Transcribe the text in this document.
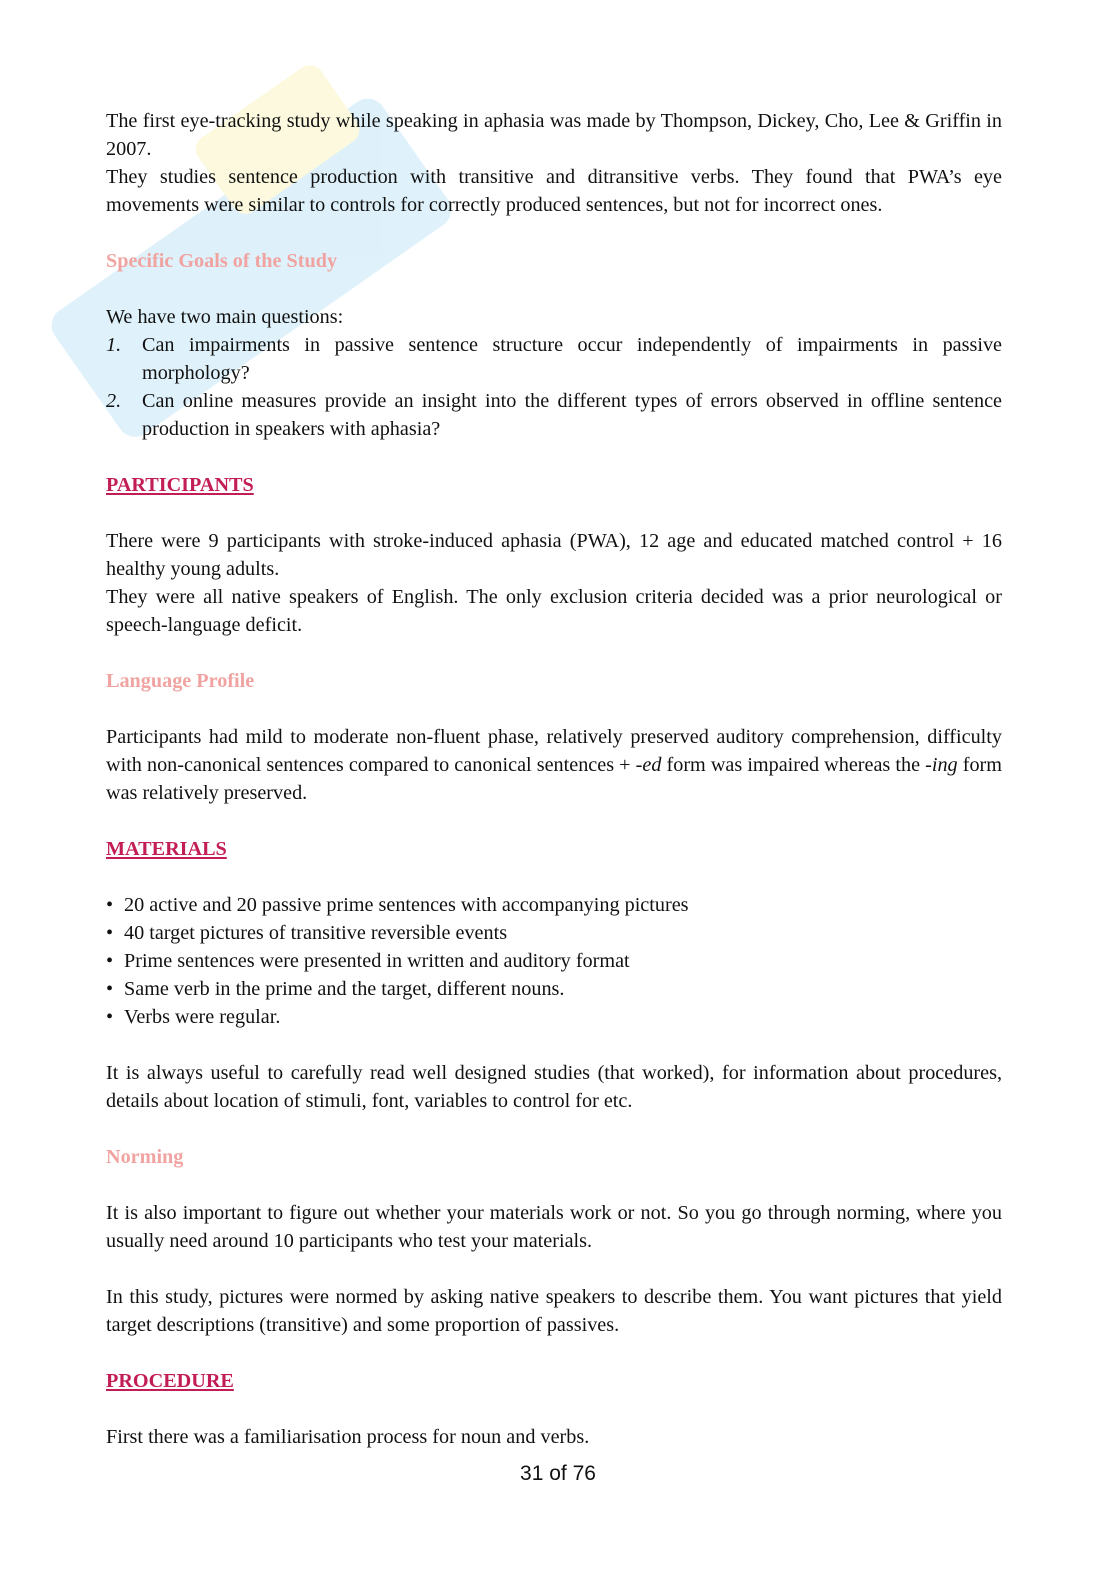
The first eye-tracking study while speaking in aphasia was made by Thompson, Dickey, Cho, Lee & Griffin in 2007.

They studies sentence production with transitive and ditransitive verbs. They found that PWA’s eye movements were similar to controls for correctly produced sentences, but not for incorrect ones.

Specific Goals of the Study

We have two main questions:

1.	Can impairments in passive sentence structure occur independently of impairments in passive morphology?
2.	Can online measures provide an insight into the different types of errors observed in offline sentence production in speakers with aphasia?
PARTICIPANTS

There were 9 participants with stroke-induced aphasia (PWA), 12 age and educated matched control + 16 healthy young adults.

They were all native speakers of English. The only exclusion criteria decided was a prior neurological or speech-language deficit.

Language Profile

Participants had mild to moderate non-fluent phase, relatively preserved auditory comprehension, difficulty with non-canonical sentences compared to canonical sentences + -ed form was impaired whereas the -ing form was relatively preserved.

MATERIALS
• 20 active and 20 passive prime sentences with accompanying pictures
• 40 target pictures of transitive reversible events
• Prime sentences were presented in written and auditory format
• Same verb in the prime and the target, different nouns.
• Verbs were regular.

It is always useful to carefully read well designed studies (that worked), for information about procedures, details about location of stimuli, font, variables to control for etc.

Norming

It is also important to figure out whether your materials work or not. So you go through norming, where you usually need around 10 participants who test your materials.

In this study, pictures were normed by asking native speakers to describe them. You want pictures that yield target descriptions (transitive) and some proportion of passives.

PROCEDURE

First there was a familiarisation process for noun and verbs.

31 of 76
